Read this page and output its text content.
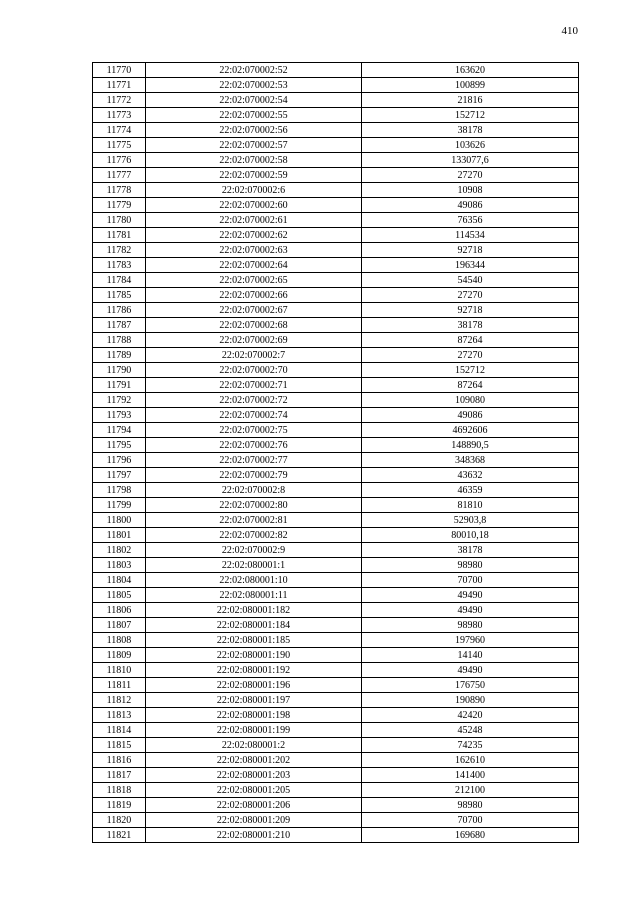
410
11770	22:02:070002:52	163620
11771	22:02:070002:53	100899
11772	22:02:070002:54	21816
11773	22:02:070002:55	152712
11774	22:02:070002:56	38178
11775	22:02:070002:57	103626
11776	22:02:070002:58	133077,6
11777	22:02:070002:59	27270
11778	22:02:070002:6	10908
11779	22:02:070002:60	49086
11780	22:02:070002:61	76356
11781	22:02:070002:62	114534
11782	22:02:070002:63	92718
11783	22:02:070002:64	196344
11784	22:02:070002:65	54540
11785	22:02:070002:66	27270
11786	22:02:070002:67	92718
11787	22:02:070002:68	38178
11788	22:02:070002:69	87264
11789	22:02:070002:7	27270
11790	22:02:070002:70	152712
11791	22:02:070002:71	87264
11792	22:02:070002:72	109080
11793	22:02:070002:74	49086
11794	22:02:070002:75	4692606
11795	22:02:070002:76	148890,5
11796	22:02:070002:77	348368
11797	22:02:070002:79	43632
11798	22:02:070002:8	46359
11799	22:02:070002:80	81810
11800	22:02:070002:81	52903,8
11801	22:02:070002:82	80010,18
11802	22:02:070002:9	38178
11803	22:02:080001:1	98980
11804	22:02:080001:10	70700
11805	22:02:080001:11	49490
11806	22:02:080001:182	49490
11807	22:02:080001:184	98980
11808	22:02:080001:185	197960
11809	22:02:080001:190	14140
11810	22:02:080001:192	49490
11811	22:02:080001:196	176750
11812	22:02:080001:197	190890
11813	22:02:080001:198	42420
11814	22:02:080001:199	45248
11815	22:02:080001:2	74235
11816	22:02:080001:202	162610
11817	22:02:080001:203	141400
11818	22:02:080001:205	212100
11819	22:02:080001:206	98980
11820	22:02:080001:209	70700
11821	22:02:080001:210	169680
